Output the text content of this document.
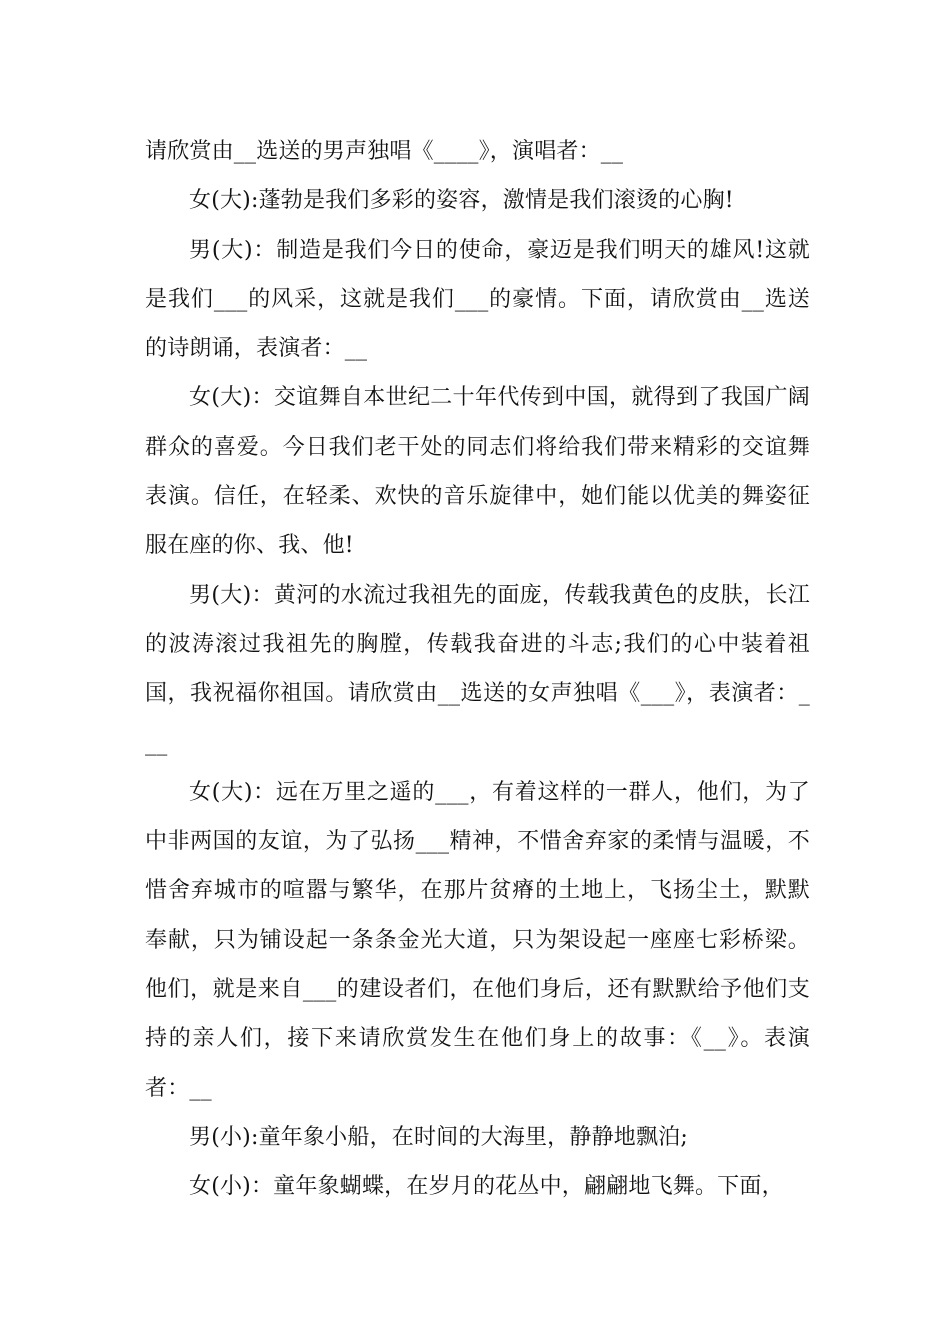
请欣赏由__选送的男声独唱《____》，演唱者：__

女(大):蓬勃是我们多彩的姿容，激情是我们滚烫的心胸!

男(大)：制造是我们今日的使命，豪迈是我们明天的雄风!这就是我们___的风采，这就是我们___的豪情。下面，请欣赏由__选送的诗朗诵，表演者：__

女(大)：交谊舞自本世纪二十年代传到中国，就得到了我国广阔群众的喜爱。今日我们老干处的同志们将给我们带来精彩的交谊舞表演。信任，在轻柔、欢快的音乐旋律中，她们能以优美的舞姿征服在座的你、我、他!

男(大)：黄河的水流过我祖先的面庞，传载我黄色的皮肤，长江的波涛滚过我祖先的胸膛，传载我奋进的斗志;我们的心中装着祖国，我祝福你祖国。请欣赏由__选送的女声独唱《___》，表演者：___

女(大)：远在万里之遥的___，有着这样的一群人，他们，为了中非两国的友谊，为了弘扬___精神，不惜舍弃家的柔情与温暖，不惜舍弃城市的喧嚣与繁华，在那片贫瘠的土地上，飞扬尘土，默默奉献，只为铺设起一条条金光大道，只为架设起一座座七彩桥梁。他们，就是来自___的建设者们，在他们身后，还有默默给予他们支持的亲人们，接下来请欣赏发生在他们身上的故事：《__》。表演者：__

男(小):童年象小船，在时间的大海里，静静地飘泊;

女(小)：童年象蝴蝶，在岁月的花丛中，翩翩地飞舞。下面，
